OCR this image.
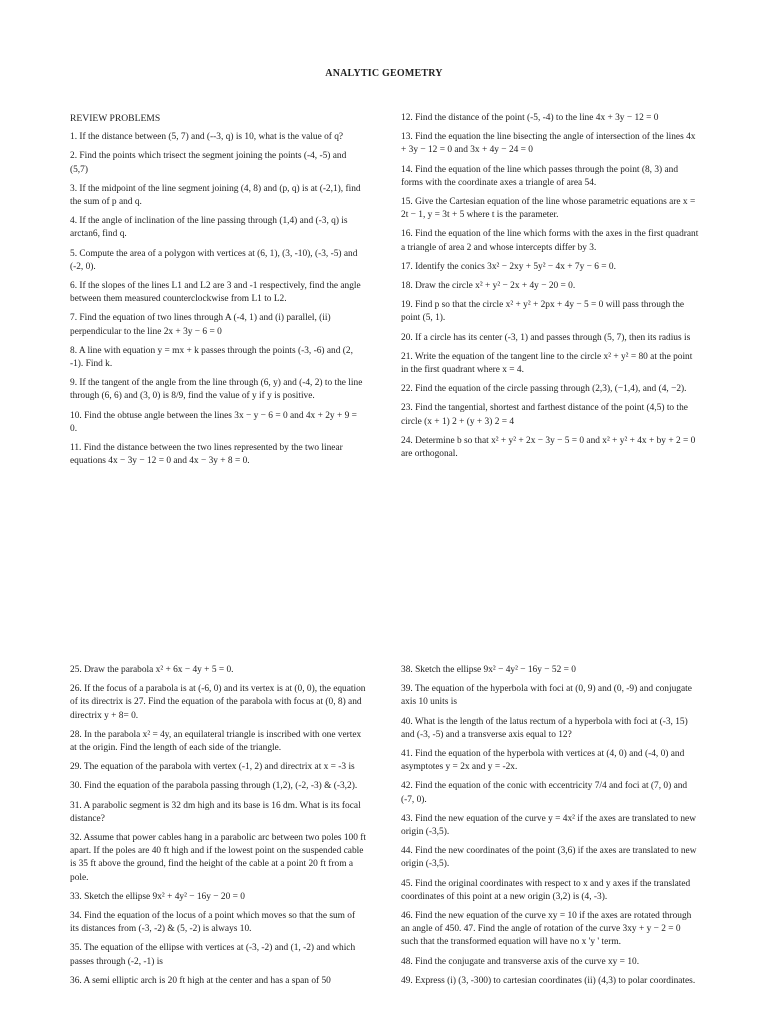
ANALYTIC GEOMETRY
REVIEW PROBLEMS

1. If the distance between (5, 7) and (--3, q) is 10, what is the value of q?

2. Find the points which trisect the segment joining the points (-4, -5) and (5,7)

3. If the midpoint of the line segment joining (4, 8) and (p, q) is at (-2,1), find the sum of p and q.

4. If the angle of inclination of the line passing through (1,4) and (-3, q) is arctan6, find q.

5. Compute the area of a polygon with vertices at (6, 1), (3, -10), (-3, -5) and (-2, 0).

6. If the slopes of the lines L1 and L2 are 3 and -1 respectively, find the angle between them measured counterclockwise from L1 to L2.

7. Find the equation of two lines through A (-4, 1) and (i) parallel, (ii) perpendicular to the line 2x + 3y − 6 = 0

8. A line with equation y = mx + k passes through the points (-3, -6) and (2, -1). Find k.

9. If the tangent of the angle from the line through (6, y) and (-4, 2) to the line through (6, 6) and (3, 0) is 8/9, find the value of y if y is positive.

10. Find the obtuse angle between the lines 3x − y − 6 = 0 and 4x + 2y + 9 = 0.

11. Find the distance between the two lines represented by the two linear equations 4x − 3y − 12 = 0 and 4x − 3y + 8 = 0.

12. Find the distance of the point (-5, -4) to the line 4x + 3y − 12 = 0

13. Find the equation the line bisecting the angle of intersection of the lines 4x + 3y − 12 = 0 and 3x + 4y − 24 = 0

14. Find the equation of the line which passes through the point (8, 3) and forms with the coordinate axes a triangle of area 54.

15. Give the Cartesian equation of the line whose parametric equations are x = 2t − 1, y = 3t + 5 where t is the parameter.

16. Find the equation of the line which forms with the axes in the first quadrant a triangle of area 2 and whose intercepts differ by 3.

17. Identify the conics 3x² − 2xy + 5y² − 4x + 7y − 6 = 0.

18. Draw the circle x² + y² − 2x + 4y − 20 = 0.

19. Find p so that the circle x² + y² + 2px + 4y − 5 = 0 will pass through the point (5, 1).

20. If a circle has its center (-3, 1) and passes through (5, 7), then its radius is

21. Write the equation of the tangent line to the circle x² + y² = 80 at the point in the first quadrant where x = 4.

22. Find the equation of the circle passing through (2,3), (−1,4), and (4, −2).

23. Find the tangential, shortest and farthest distance of the point (4,5) to the circle (x + 1) 2 + (y + 3) 2 = 4

24. Determine b so that x² + y² + 2x − 3y − 5 = 0 and x² + y² + 4x + by + 2 = 0 are orthogonal.

25. Draw the parabola x² + 6x − 4y + 5 = 0.

26. If the focus of a parabola is at (-6, 0) and its vertex is at (0, 0), the equation of its directrix is 27. Find the equation of the parabola with focus at (0, 8) and directrix y + 8= 0.

28. In the parabola x² = 4y, an equilateral triangle is inscribed with one vertex at the origin. Find the length of each side of the triangle.

29. The equation of the parabola with vertex (-1, 2) and directrix at x = -3 is

30. Find the equation of the parabola passing through (1,2), (-2, -3) & (-3,2).

31. A parabolic segment is 32 dm high and its base is 16 dm. What is its focal distance?

32. Assume that power cables hang in a parabolic arc between two poles 100 ft apart. If the poles are 40 ft high and if the lowest point on the suspended cable is 35 ft above the ground, find the height of the cable at a point 20 ft from a pole.

33. Sketch the ellipse 9x² + 4y² − 16y − 20 = 0

34. Find the equation of the locus of a point which moves so that the sum of its distances from (-3, -2) & (5, -2) is always 10.

35. The equation of the ellipse with vertices at (-3, -2) and (1, -2) and which passes through (-2, -1) is

36. A semi elliptic arch is 20 ft high at the center and has a span of 50

38. Sketch the ellipse 9x² − 4y² − 16y − 52 = 0

39. The equation of the hyperbola with foci at (0, 9) and (0, -9) and conjugate axis 10 units is

40. What is the length of the latus rectum of a hyperbola with foci at (-3, 15) and (-3, -5) and a transverse axis equal to 12?

41. Find the equation of the hyperbola with vertices at (4, 0) and (-4, 0) and asymptotes y = 2x and y = -2x.

42. Find the equation of the conic with eccentricity 7/4 and foci at (7, 0) and (-7, 0).

43. Find the new equation of the curve y = 4x² if the axes are translated to new origin (-3,5).

44. Find the new coordinates of the point (3,6) if the axes are translated to new origin (-3,5).

45. Find the original coordinates with respect to x and y axes if the translated coordinates of this point at a new origin (3,2) is (4, -3).

46. Find the new equation of the curve xy = 10 if the axes are rotated through an angle of 450. 47. Find the angle of rotation of the curve 3xy + y − 2 = 0 such that the transformed equation will have no x 'y ' term.

48. Find the conjugate and transverse axis of the curve xy = 10.

49. Express (i) (3, -300) to cartesian coordinates (ii) (4,3) to polar coordinates.
